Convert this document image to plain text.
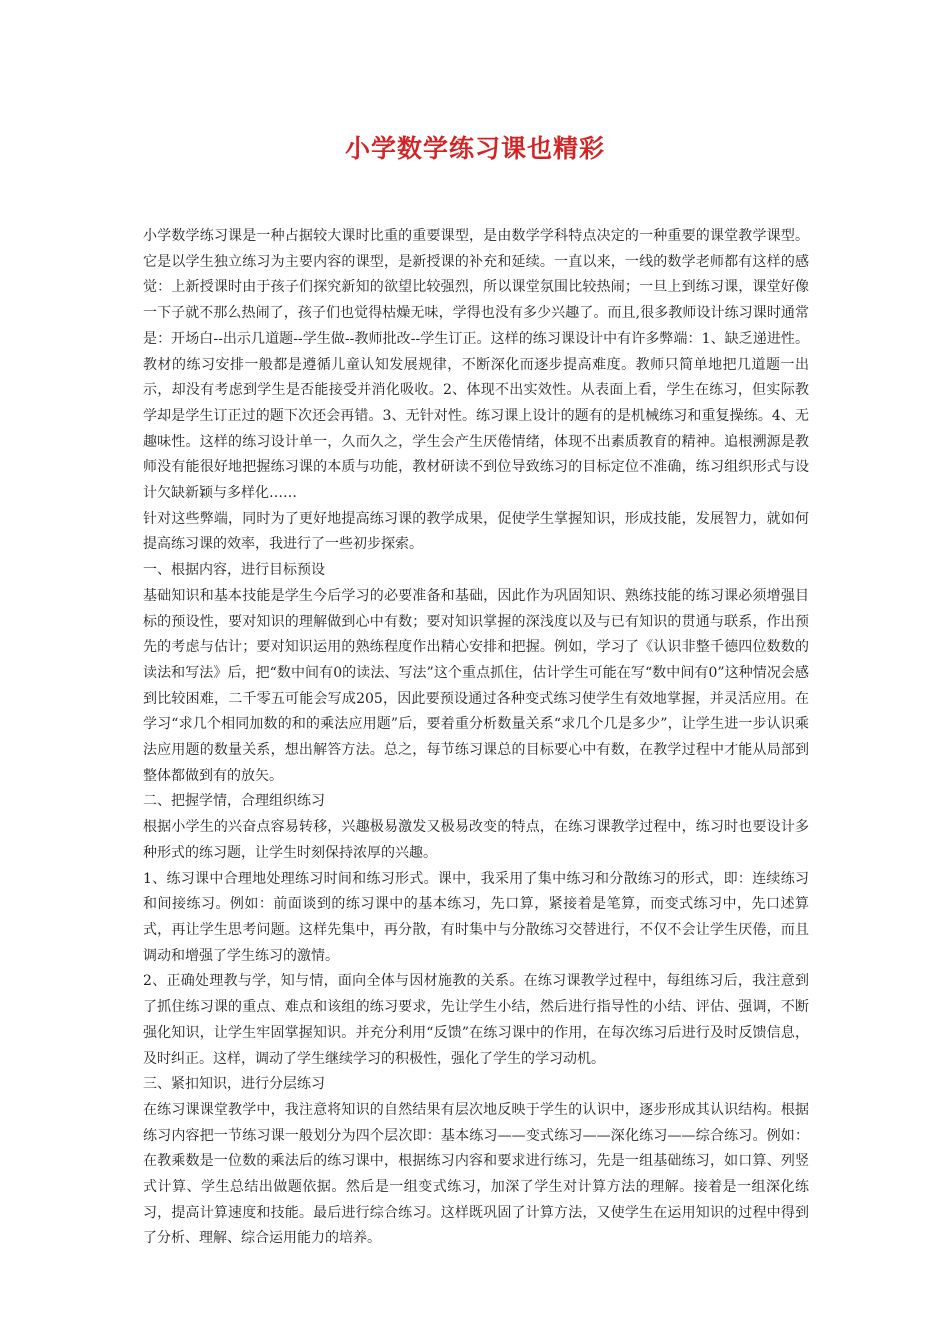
小学数学练习课也精彩

小学数学练习课是一种占据较大课时比重的重要课型，是由数学学科特点决定的一种重要的课堂教学课型。它是以学生独立练习为主要内容的课型，是新授课的补充和延续。一直以来，一线的数学老师都有这样的感觉：上新授课时由于孩子们探究新知的欲望比较强烈，所以课堂氛围比较热闹；一旦上到练习课，课堂好像一下子就不那么热闹了，孩子们也觉得枯燥无味，学得也没有多少兴趣了。而且,很多教师设计练习课时通常是：开场白--出示几道题--学生做--教师批改--学生订正。这样的练习课设计中有许多弊端：1、缺乏递进性。教材的练习安排一般都是遵循儿童认知发展规律，不断深化而逐步提高难度。教师只简单地把几道题一出示，却没有考虑到学生是否能接受并消化吸收。2、体现不出实效性。从表面上看，学生在练习，但实际教学却是学生订正过的题下次还会再错。3、无针对性。练习课上设计的题有的是机械练习和重复操练。4、无趣味性。这样的练习设计单一，久而久之，学生会产生厌倦情绪，体现不出素质教育的精神。追根溯源是教师没有能很好地把握练习课的本质与功能，教材研读不到位导致练习的目标定位不准确，练习组织形式与设计欠缺新颖与多样化……

针对这些弊端，同时为了更好地提高练习课的教学成果，促使学生掌握知识，形成技能，发展智力，就如何提高练习课的效率，我进行了一些初步探索。

一、根据内容，进行目标预设

基础知识和基本技能是学生今后学习的必要准备和基础，因此作为巩固知识、熟练技能的练习课必须增强目标的预设性，要对知识的理解做到心中有数；要对知识掌握的深浅度以及与已有知识的贯通与联系，作出预先的考虑与估计；要对知识运用的熟练程度作出精心安排和把握。例如，学习了《认识非整千德四位数数的读法和写法》后，把“数中间有0的读法、写法”这个重点抓住，估计学生可能在写“数中间有0”这种情况会感到比较困难，二千零五可能会写成205，因此要预设通过各种变式练习使学生有效地掌握，并灵活应用。在学习“求几个相同加数的和的乘法应用题”后，要着重分析数量关系“求几个几是多少”，让学生进一步认识乘法应用题的数量关系，想出解答方法。总之，每节练习课总的目标要心中有数，在教学过程中才能从局部到整体都做到有的放矢。

二、把握学情，合理组织练习

根据小学生的兴奋点容易转移，兴趣极易激发又极易改变的特点，在练习课教学过程中，练习时也要设计多种形式的练习题，让学生时刻保持浓厚的兴趣。

1、练习课中合理地处理练习时间和练习形式。课中，我采用了集中练习和分散练习的形式，即：连续练习和间接练习。例如：前面谈到的练习课中的基本练习，先口算，紧接着是笔算，而变式练习中，先口述算式，再让学生思考问题。这样先集中，再分散，有时集中与分散练习交替进行，不仅不会让学生厌倦，而且调动和增强了学生练习的激情。

2、正确处理教与学，知与情，面向全体与因材施教的关系。在练习课教学过程中，每组练习后，我注意到了抓住练习课的重点、难点和该组的练习要求，先让学生小结，然后进行指导性的小结、评估、强调，不断强化知识，让学生牢固掌握知识。并充分利用“反馈”在练习课中的作用，在每次练习后进行及时反馈信息，及时纠正。这样，调动了学生继续学习的积极性，强化了学生的学习动机。

三、紧扣知识，进行分层练习

在练习课课堂教学中，我注意将知识的自然结果有层次地反映于学生的认识中，逐步形成其认识结构。根据练习内容把一节练习课一般划分为四个层次即：基本练习——变式练习——深化练习——综合练习。例如：在教乘数是一位数的乘法后的练习课中，根据练习内容和要求进行练习，先是一组基础练习，如口算、列竖式计算、学生总结出做题依据。然后是一组变式练习，加深了学生对计算方法的理解。接着是一组深化练习，提高计算速度和技能。最后进行综合练习。这样既巩固了计算方法，又使学生在运用知识的过程中得到了分析、理解、综合运用能力的培养。
